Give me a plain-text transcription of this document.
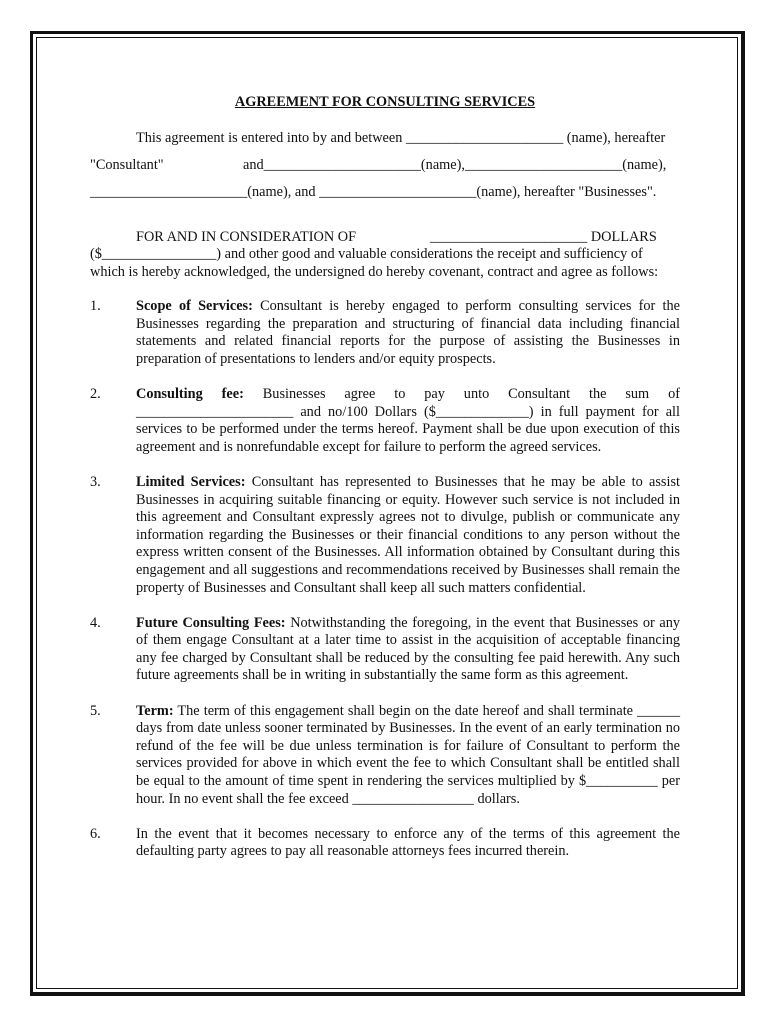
AGREEMENT FOR CONSULTING SERVICES
This agreement is entered into by and between ______________________ (name), hereafter
"Consultant"	and______________________(name),______________________(name),
______________________(name), and ______________________(name), hereafter "Businesses".
FOR AND IN CONSIDERATION OF	______________________ DOLLARS
($________________) and other good and valuable considerations the receipt and sufficiency of
which is hereby acknowledged, the undersigned do hereby covenant, contract and agree as follows:
1. Scope of Services: Consultant is hereby engaged to perform consulting services for the Businesses regarding the preparation and structuring of financial data including financial statements and related financial reports for the purpose of assisting the Businesses in preparation of presentations to lenders and/or equity prospects.
2. Consulting fee: Businesses agree to pay unto Consultant the sum of ______________________ and no/100 Dollars ($_____________) in full payment for all services to be performed under the terms hereof. Payment shall be due upon execution of this agreement and is nonrefundable except for failure to perform the agreed services.
3. Limited Services: Consultant has represented to Businesses that he may be able to assist Businesses in acquiring suitable financing or equity. However such service is not included in this agreement and Consultant expressly agrees not to divulge, publish or communicate any information regarding the Businesses or their financial conditions to any person without the express written consent of the Businesses. All information obtained by Consultant during this engagement and all suggestions and recommendations received by Businesses shall remain the property of Businesses and Consultant shall keep all such matters confidential.
4. Future Consulting Fees: Notwithstanding the foregoing, in the event that Businesses or any of them engage Consultant at a later time to assist in the acquisition of acceptable financing any fee charged by Consultant shall be reduced by the consulting fee paid herewith. Any such future agreements shall be in writing in substantially the same form as this agreement.
5. Term: The term of this engagement shall begin on the date hereof and shall terminate ______ days from date unless sooner terminated by Businesses. In the event of an early termination no refund of the fee will be due unless termination is for failure of Consultant to perform the services provided for above in which event the fee to which Consultant shall be entitled shall be equal to the amount of time spent in rendering the services multiplied by $__________ per hour. In no event shall the fee exceed _________________ dollars.
6. In the event that it becomes necessary to enforce any of the terms of this agreement the defaulting party agrees to pay all reasonable attorneys fees incurred therein.
